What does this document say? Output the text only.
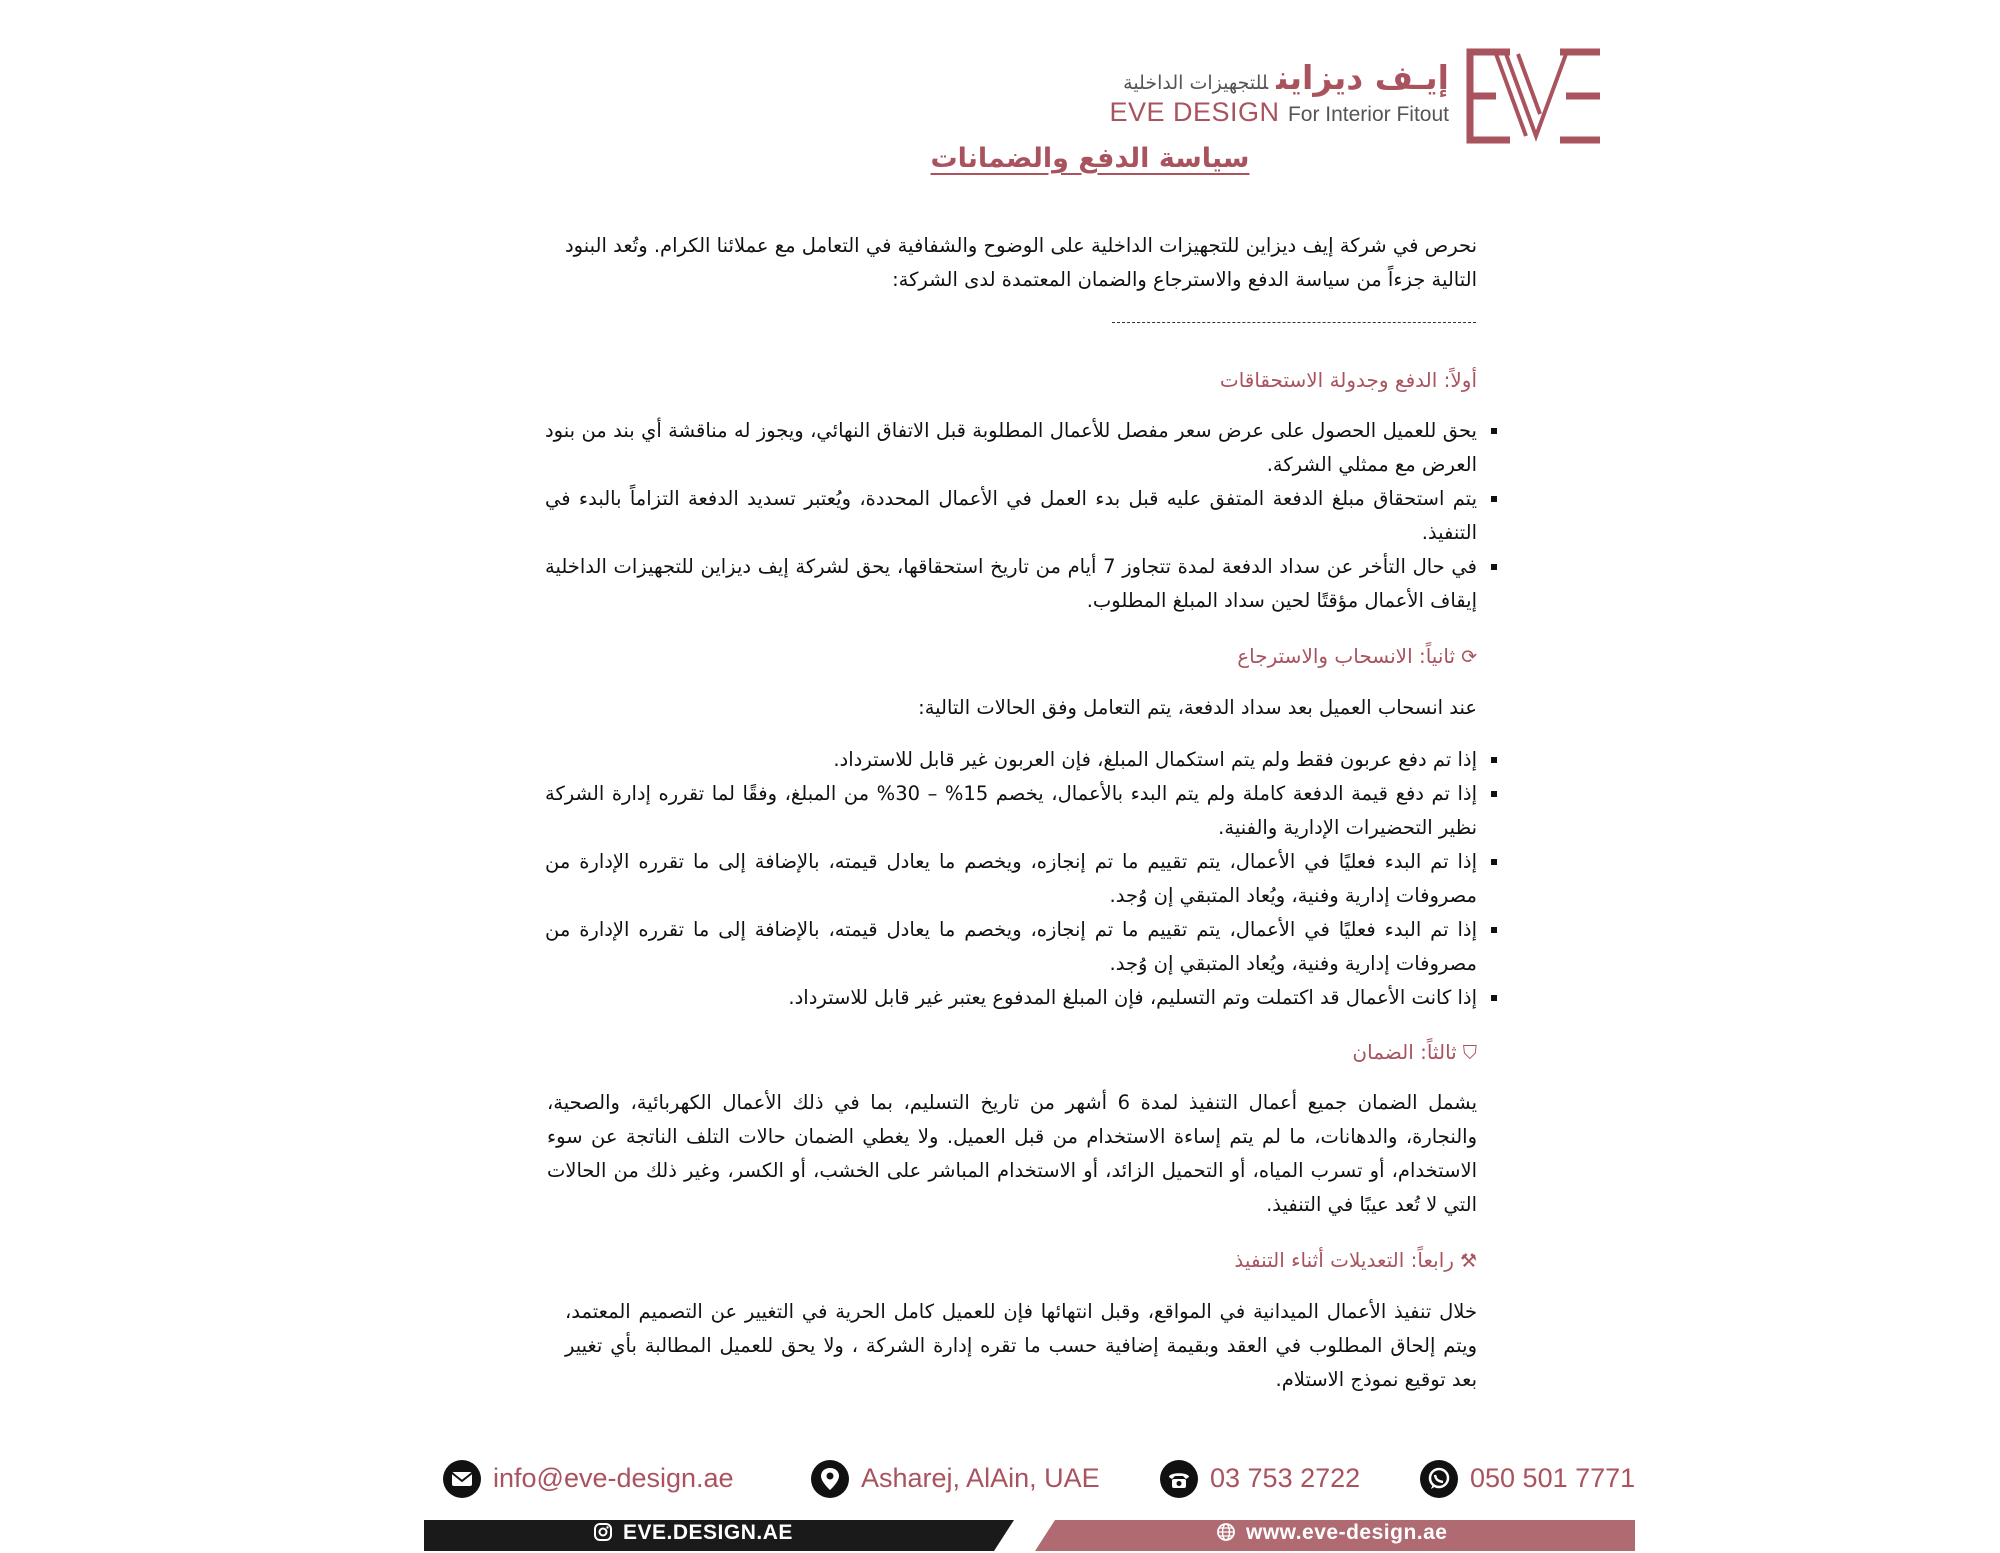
إيـف ديزاينللتجهيزات الداخلية
EVE DESIGN For Interior Fitout
سياسة الدفع والضمانات
نحرص في شركة إيف ديزاين للتجهيزات الداخلية على الوضوح والشفافية في التعامل مع عملائنا الكرام. وتُعد البنود التالية جزءاً من سياسة الدفع والاسترجاع والضمان المعتمدة لدى الشركة:
أولاً: الدفع وجدولة الاستحقاقات
يحق للعميل الحصول على عرض سعر مفصل للأعمال المطلوبة قبل الاتفاق النهائي، ويجوز له مناقشة أي بند من بنود العرض مع ممثلي الشركة.
يتم استحقاق مبلغ الدفعة المتفق عليه قبل بدء العمل في الأعمال المحددة، ويُعتبر تسديد الدفعة التزاماً بالبدء في التنفيذ.
في حال التأخر عن سداد الدفعة لمدة تتجاوز 7 أيام من تاريخ استحقاقها، يحق لشركة إيف ديزاين للتجهيزات الداخلية إيقاف الأعمال مؤقتًا لحين سداد المبلغ المطلوب.
⟳ثانياً: الانسحاب والاسترجاع
عند انسحاب العميل بعد سداد الدفعة، يتم التعامل وفق الحالات التالية:
إذا تم دفع عربون فقط ولم يتم استكمال المبلغ، فإن العربون غير قابل للاسترداد.
إذا تم دفع قيمة الدفعة كاملة ولم يتم البدء بالأعمال، يخصم 15% – 30% من المبلغ، وفقًا لما تقرره إدارة الشركة نظير التحضيرات الإدارية والفنية.
إذا تم البدء فعليًا في الأعمال، يتم تقييم ما تم إنجازه، ويخصم ما يعادل قيمته، بالإضافة إلى ما تقرره الإدارة من مصروفات إدارية وفنية، ويُعاد المتبقي إن وُجد.
إذا تم البدء فعليًا في الأعمال، يتم تقييم ما تم إنجازه، ويخصم ما يعادل قيمته، بالإضافة إلى ما تقرره الإدارة من مصروفات إدارية وفنية، ويُعاد المتبقي إن وُجد.
إذا كانت الأعمال قد اكتملت وتم التسليم، فإن المبلغ المدفوع يعتبر غير قابل للاسترداد.
⛉ثالثاً: الضمان
يشمل الضمان جميع أعمال التنفيذ لمدة 6 أشهر من تاريخ التسليم، بما في ذلك الأعمال الكهربائية، والصحية، والنجارة، والدهانات، ما لم يتم إساءة الاستخدام من قبل العميل. ولا يغطي الضمان حالات التلف الناتجة عن سوء الاستخدام، أو تسرب المياه، أو التحميل الزائد، أو الاستخدام المباشر على الخشب، أو الكسر، وغير ذلك من الحالات التي لا تُعد عيبًا في التنفيذ.
⚒رابعاً: التعديلات أثناء التنفيذ
خلال تنفيذ الأعمال الميدانية في المواقع، وقبل انتهائها فإن للعميل كامل الحرية في التغيير عن التصميم المعتمد، ويتم إلحاق المطلوب في العقد وبقيمة إضافية حسب ما تقره إدارة الشركة ، ولا يحق للعميل المطالبة بأي تغيير بعد توقيع نموذج الاستلام.
info@eve-design.ae	Asharej, AlAin, UAE	03 753 2722	050 501 7771
EVE.DESIGN.AE	www.eve-design.ae
